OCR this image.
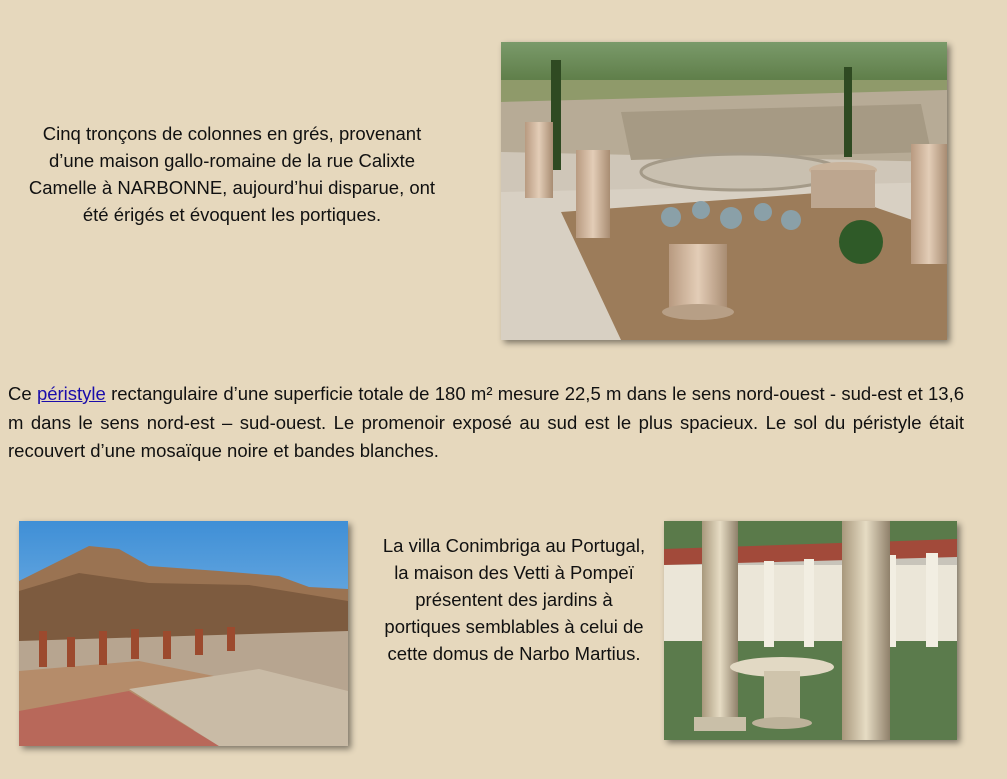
Cinq tronçons de colonnes en grés, provenant d’une maison gallo-romaine de la rue Calixte Camelle à NARBONNE, aujourd’hui disparue, ont été érigés et évoquent les portiques.
Ce péristyle rectangulaire d’une superficie totale de 180 m² mesure 22,5 m dans le sens nord-ouest - sud-est et 13,6 m dans le sens nord-est – sud-ouest. Le promenoir exposé au sud est le plus spacieux. Le sol du péristyle était recouvert d’une mosaïque noire et bandes blanches.
La villa Conimbriga au Portugal, la maison des Vetti à Pompeï présentent des jardins à portiques semblables à celui de cette domus de Narbo Martius.
